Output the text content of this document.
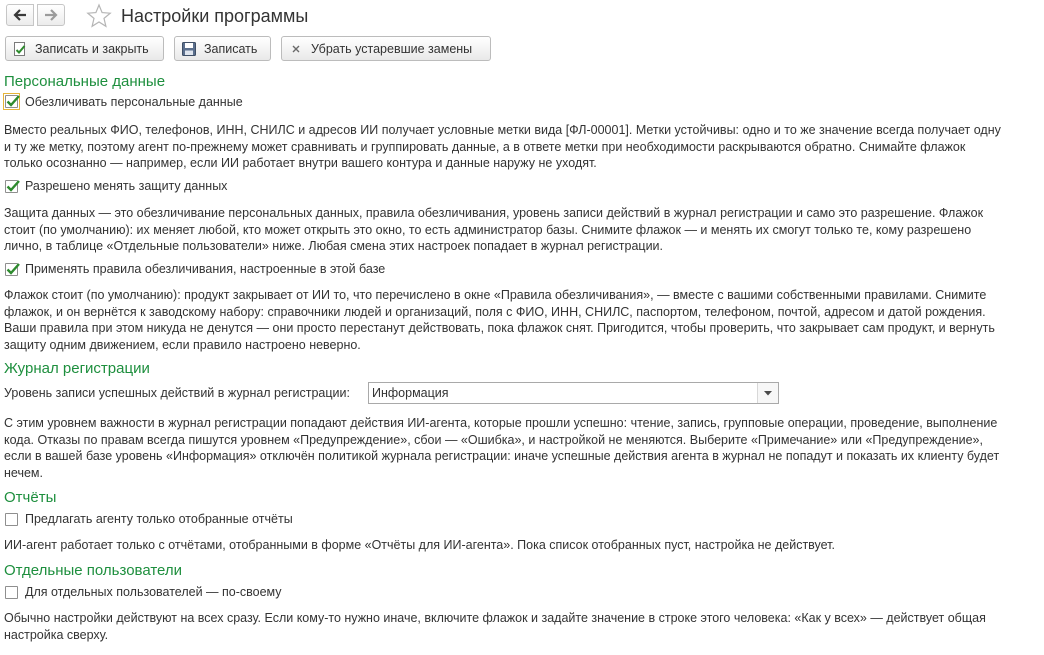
Настройки программы
Записать и закрыть	Записать	Убрать устаревшие замены
Персональные данные
Обезличивать персональные данные

Вместо реальных ФИО, телефонов, ИНН, СНИЛС и адресов ИИ получает условные метки вида [ФЛ-00001]. Метки устойчивы: одно и то же значение всегда получает одну и ту же метку, поэтому агент по-прежнему может сравнивать и группировать данные, а в ответе метки при необходимости раскрываются обратно. Снимайте флажок только осознанно — например, если ИИ работает внутри вашего контура и данные наружу не уходят.

Разрешено менять защиту данных

Защита данных — это обезличивание персональных данных, правила обезличивания, уровень записи действий в журнал регистрации и само это разрешение. Флажок стоит (по умолчанию): их меняет любой, кто может открыть это окно, то есть администратор базы. Снимите флажок — и менять их смогут только те, кому разрешено лично, в таблице «Отдельные пользователи» ниже. Любая смена этих настроек попадает в журнал регистрации.

Применять правила обезличивания, настроенные в этой базе

Флажок стоит (по умолчанию): продукт закрывает от ИИ то, что перечислено в окне «Правила обезличивания», — вместе с вашими собственными правилами. Снимите флажок, и он вернётся к заводскому набору: справочники людей и организаций, поля с ФИО, ИНН, СНИЛС, паспортом, телефоном, почтой, адресом и датой рождения. Ваши правила при этом никуда не денутся — они просто перестанут действовать, пока флажок снят. Пригодится, чтобы проверить, что закрывает сам продукт, и вернуть защиту одним движением, если правило настроено неверно.

Журнал регистрации
Уровень записи успешных действий в журнал регистрации: Информация

С этим уровнем важности в журнал регистрации попадают действия ИИ-агента, которые прошли успешно: чтение, запись, групповые операции, проведение, выполнение кода. Отказы по правам всегда пишутся уровнем «Предупреждение», сбои — «Ошибка», и настройкой не меняются. Выберите «Примечание» или «Предупреждение», если в вашей базе уровень «Информация» отключён политикой журнала регистрации: иначе успешные действия агента в журнал не попадут и показать их клиенту будет нечем.

Отчёты
Предлагать агенту только отобранные отчёты

ИИ-агент работает только с отчётами, отобранными в форме «Отчёты для ИИ-агента». Пока список отобранных пуст, настройка не действует.

Отдельные пользователи
Для отдельных пользователей — по-своему

Обычно настройки действуют на всех сразу. Если кому-то нужно иначе, включите флажок и задайте значение в строке этого человека: «Как у всех» — действует общая настройка сверху.
